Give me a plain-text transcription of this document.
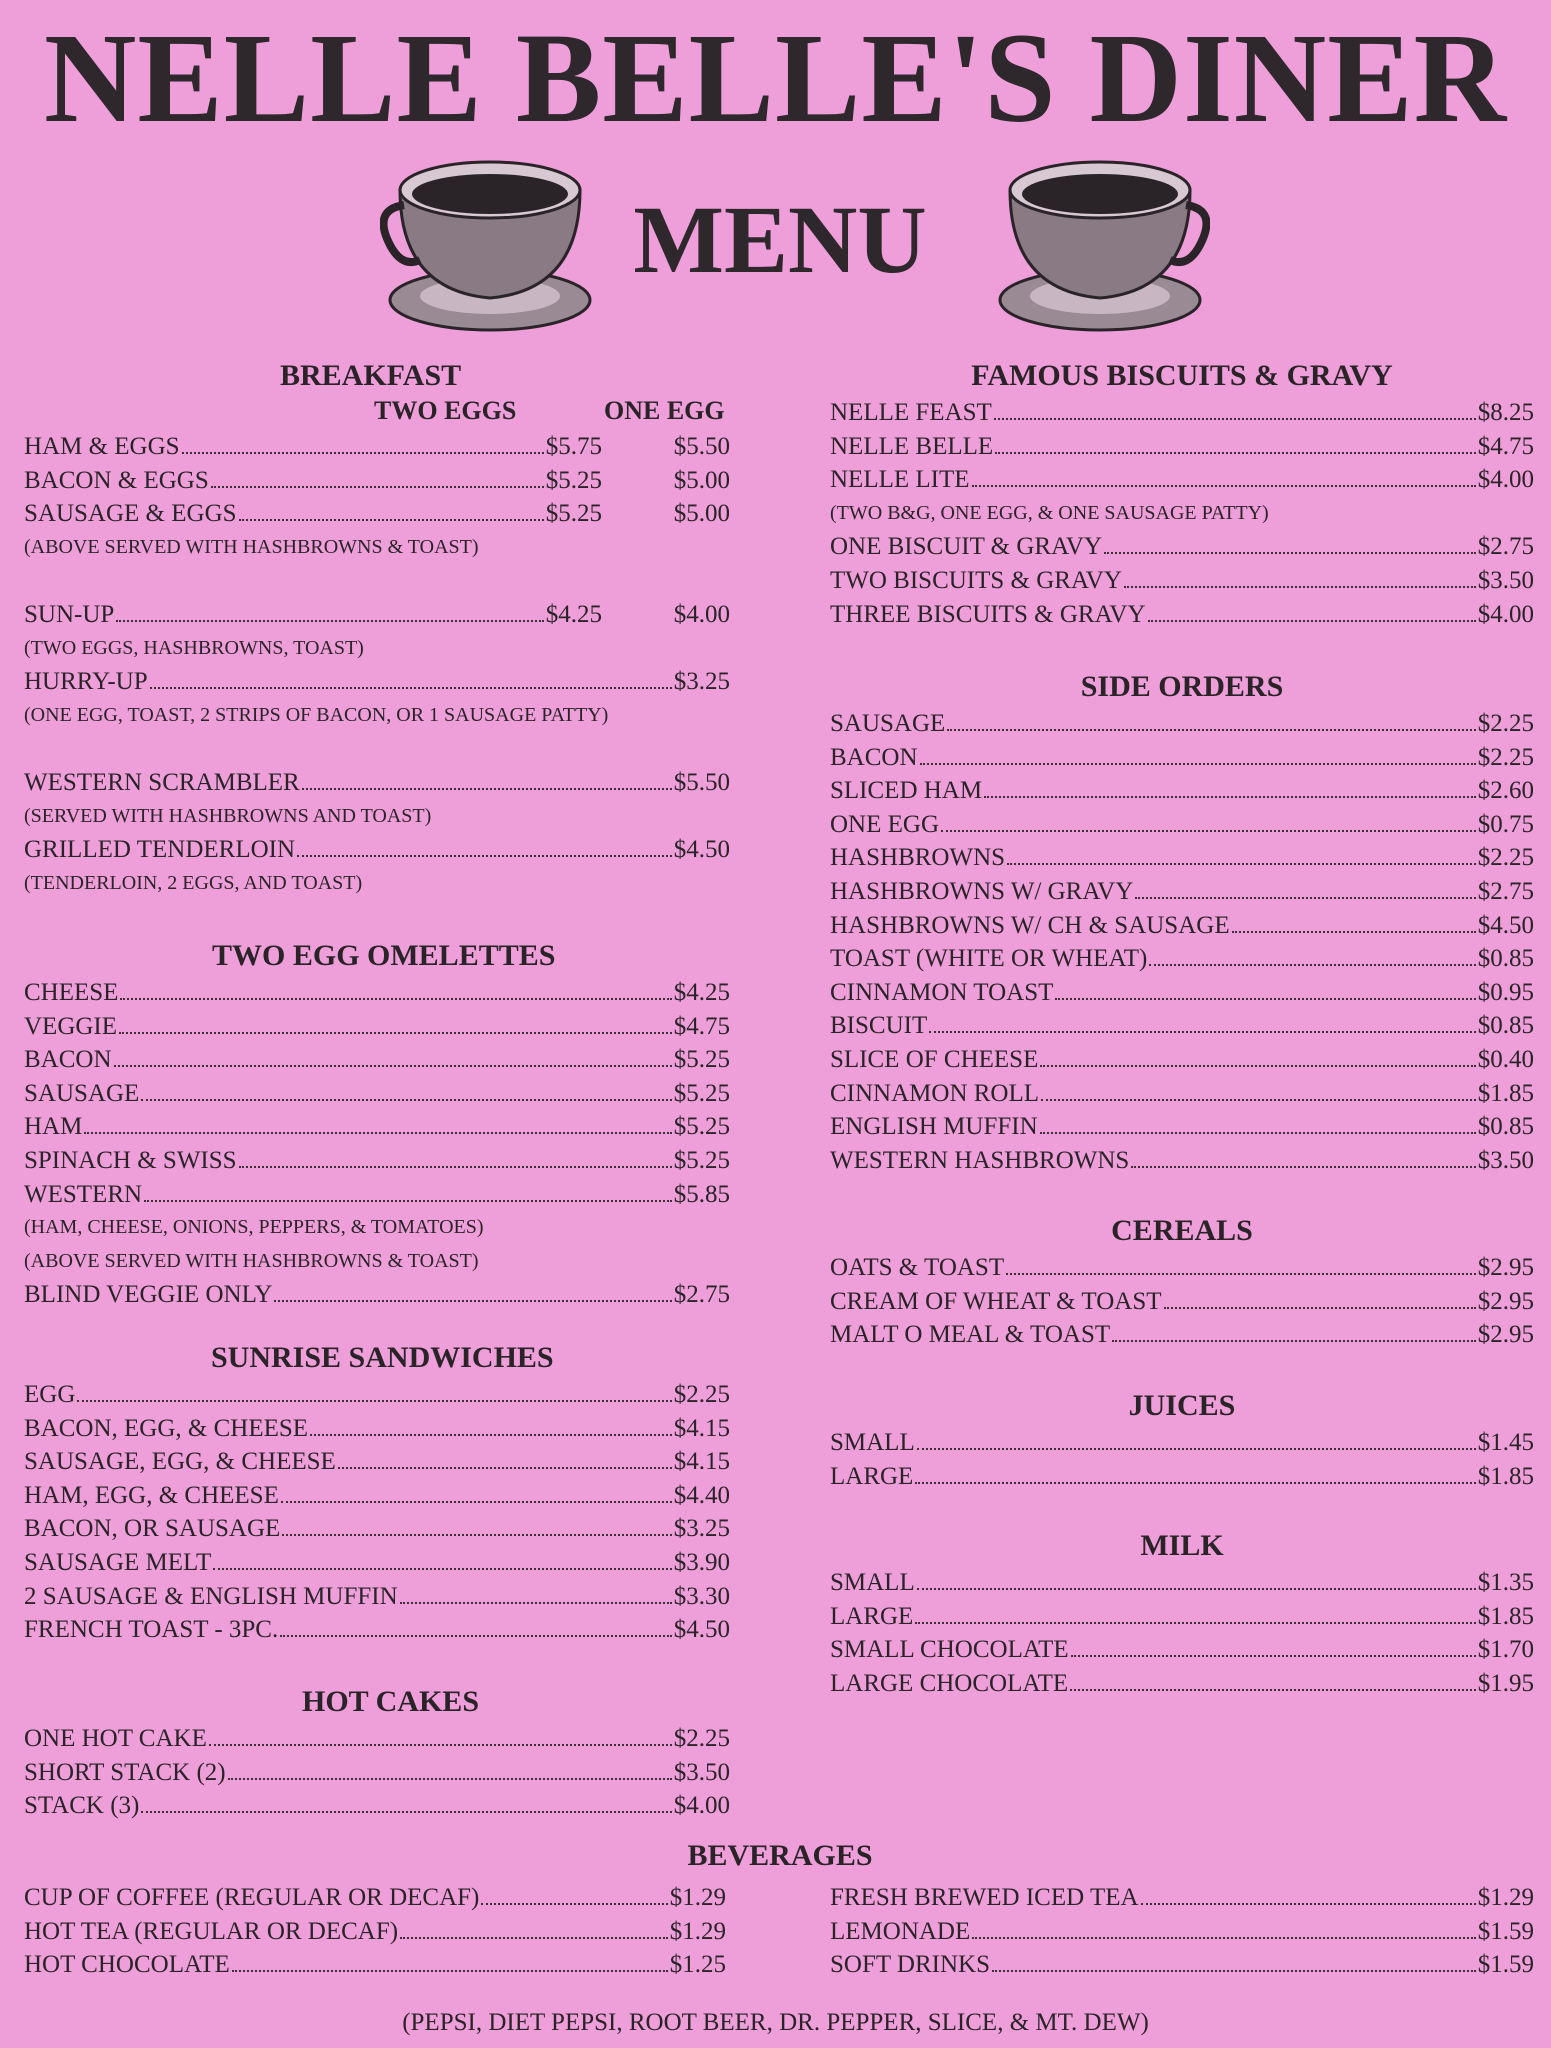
NELLE BELLE'S DINER
MENU
BREAKFAST
TWO EGGS	ONE EGG
HAM & EGGS	$5.75	$5.50
BACON & EGGS	$5.25	$5.00
SAUSAGE & EGGS	$5.25	$5.00
(ABOVE SERVED WITH HASHBROWNS & TOAST)
SUN-UP	$4.25	$4.00
(TWO EGGS, HASHBROWNS, TOAST)
HURRY-UP	$3.25
(ONE EGG, TOAST, 2 STRIPS OF BACON, OR 1 SAUSAGE PATTY)
WESTERN SCRAMBLER	$5.50
(SERVED WITH HASHBROWNS AND TOAST)
GRILLED TENDERLOIN	$4.50
(TENDERLOIN, 2 EGGS, AND TOAST)
TWO EGG OMELETTES
CHEESE	$4.25
VEGGIE	$4.75
BACON	$5.25
SAUSAGE	$5.25
HAM	$5.25
SPINACH & SWISS	$5.25
WESTERN	$5.85
(HAM, CHEESE, ONIONS, PEPPERS, & TOMATOES)
(ABOVE SERVED WITH HASHBROWNS & TOAST)
BLIND VEGGIE ONLY	$2.75
SUNRISE SANDWICHES
EGG	$2.25
BACON, EGG, & CHEESE	$4.15
SAUSAGE, EGG, & CHEESE	$4.15
HAM, EGG, & CHEESE	$4.40
BACON, OR SAUSAGE	$3.25
SAUSAGE MELT	$3.90
2 SAUSAGE & ENGLISH MUFFIN	$3.30
FRENCH TOAST - 3PC.	$4.50
HOT CAKES
ONE HOT CAKE	$2.25
SHORT STACK (2)	$3.50
STACK (3)	$4.00
FAMOUS BISCUITS & GRAVY
NELLE FEAST	$8.25
NELLE BELLE	$4.75
NELLE LITE	$4.00
(TWO B&G, ONE EGG, & ONE SAUSAGE PATTY)
ONE BISCUIT & GRAVY	$2.75
TWO BISCUITS & GRAVY	$3.50
THREE BISCUITS & GRAVY	$4.00
SIDE ORDERS
SAUSAGE	$2.25
BACON	$2.25
SLICED HAM	$2.60
ONE EGG	$0.75
HASHBROWNS	$2.25
HASHBROWNS W/ GRAVY	$2.75
HASHBROWNS W/ CH & SAUSAGE	$4.50
TOAST (WHITE OR WHEAT)	$0.85
CINNAMON TOAST	$0.95
BISCUIT	$0.85
SLICE OF CHEESE	$0.40
CINNAMON ROLL	$1.85
ENGLISH MUFFIN	$0.85
WESTERN HASHBROWNS	$3.50
CEREALS
OATS & TOAST	$2.95
CREAM OF WHEAT & TOAST	$2.95
MALT O MEAL & TOAST	$2.95
JUICES
SMALL	$1.45
LARGE	$1.85
MILK
SMALL	$1.35
LARGE	$1.85
SMALL CHOCOLATE	$1.70
LARGE CHOCOLATE	$1.95
BEVERAGES
CUP OF COFFEE (REGULAR OR DECAF)	$1.29
HOT TEA (REGULAR OR DECAF)	$1.29
HOT CHOCOLATE	$1.25
FRESH BREWED ICED TEA	$1.29
LEMONADE	$1.59
SOFT DRINKS	$1.59
(PEPSI, DIET PEPSI, ROOT BEER, DR. PEPPER, SLICE, & MT. DEW)
